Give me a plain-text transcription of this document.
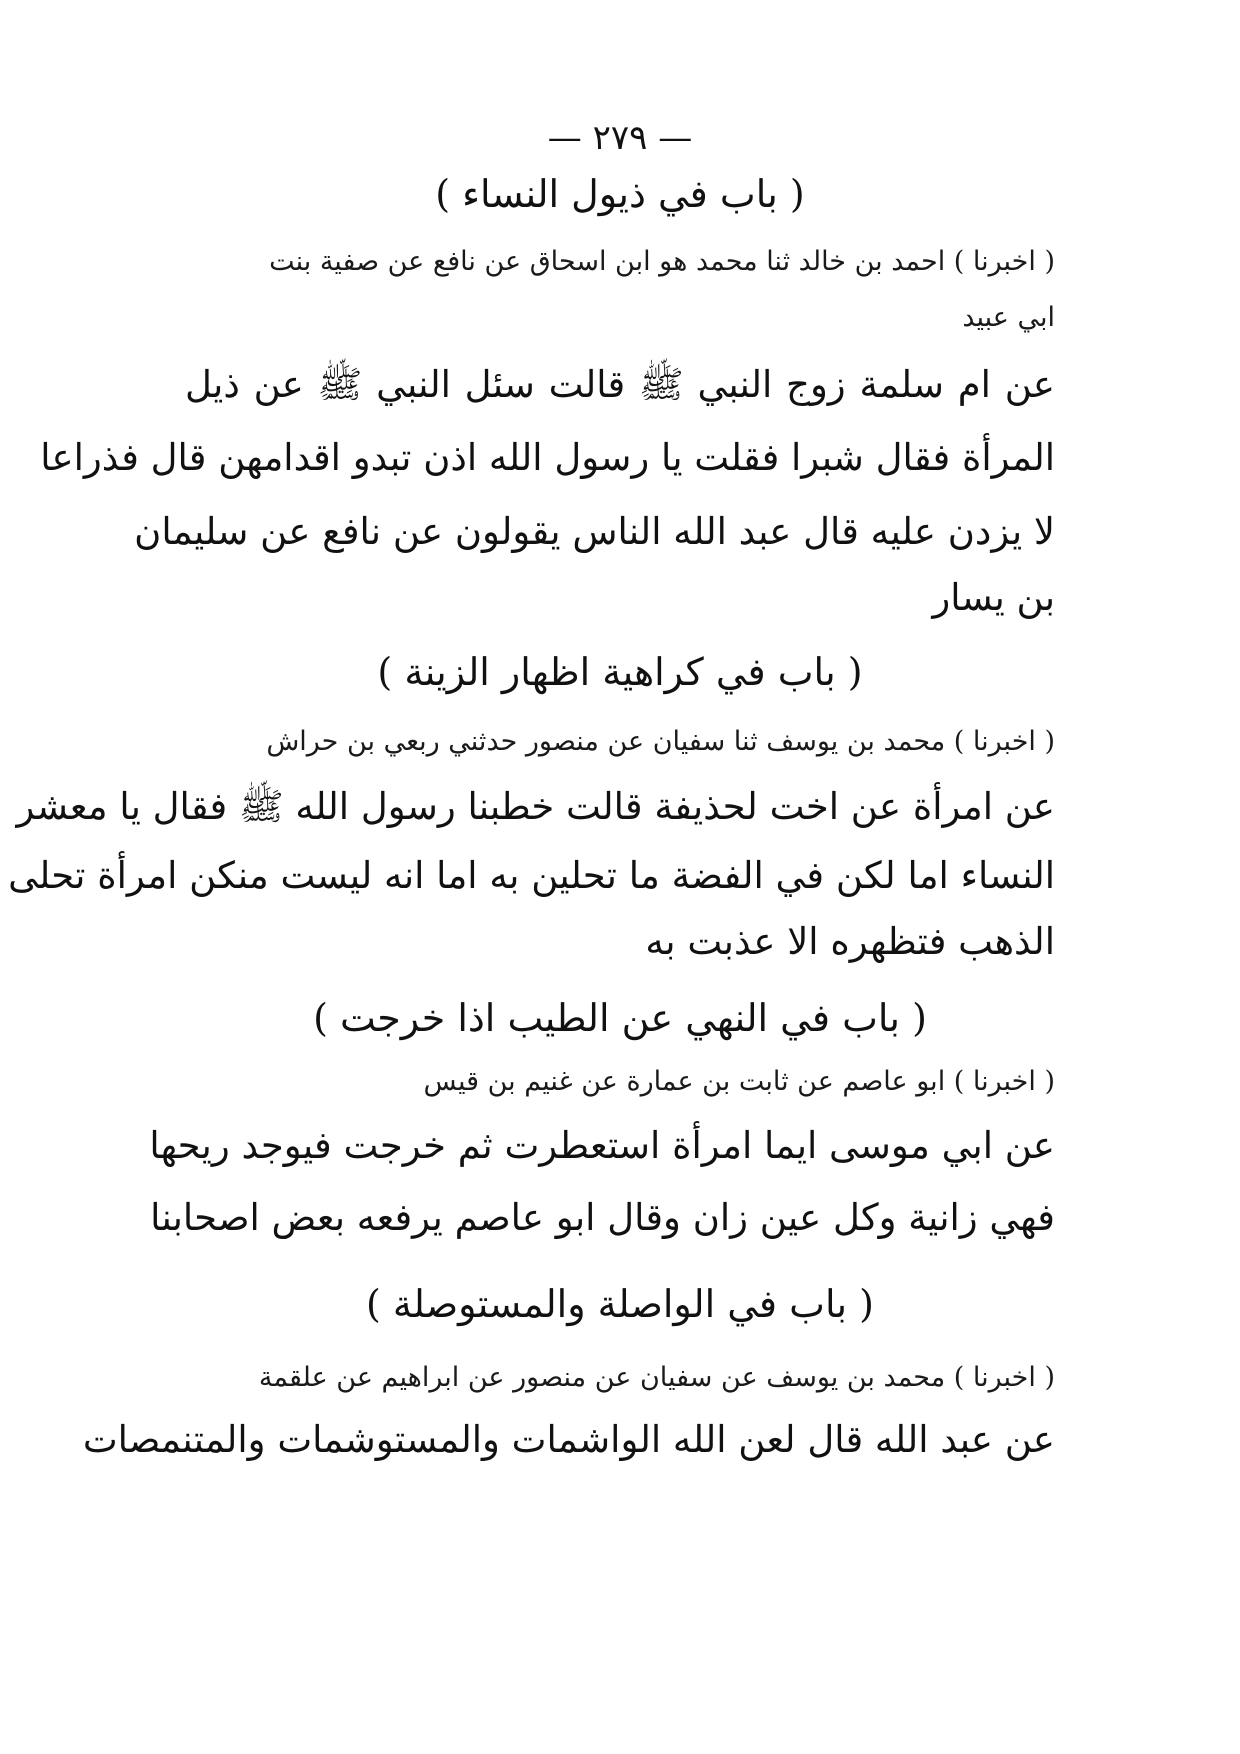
— ٢٧٩ —
( باب في ذيول النساء )
( اخبرنا ) احمد بن خالد ثنا محمد هو ابن اسحاق عن نافع عن صفية بنت
ابي عبيد
عن ام سلمة زوج النبي ﷺ قالت سئل النبي ﷺ عن ذيل
المرأة فقال شبرا فقلت يا رسول الله اذن تبدو اقدامهن قال فذراعا
لا يزدن عليه قال عبد الله الناس يقولون عن نافع عن سليمان
بن يسار
( باب في كراهية اظهار الزينة )
( اخبرنا ) محمد بن يوسف ثنا سفيان عن منصور حدثني ربعي بن حراش
عن امرأة عن اخت لحذيفة قالت خطبنا رسول الله ﷺ فقال يا معشر
النساء اما لكن في الفضة ما تحلين به اما انه ليست منكن امرأة تحلى
الذهب فتظهره الا عذبت به
( باب في النهي عن الطيب اذا خرجت )
( اخبرنا ) ابو عاصم عن ثابت بن عمارة عن غنيم بن قيس
عن ابي موسى ايما امرأة استعطرت ثم خرجت فيوجد ريحها
فهي زانية وكل عين زان وقال ابو عاصم يرفعه بعض اصحابنا
( باب في الواصلة والمستوصلة )
( اخبرنا ) محمد بن يوسف عن سفيان عن منصور عن ابراهيم عن علقمة
عن عبد الله قال لعن الله الواشمات والمستوشمات والمتنمصات
